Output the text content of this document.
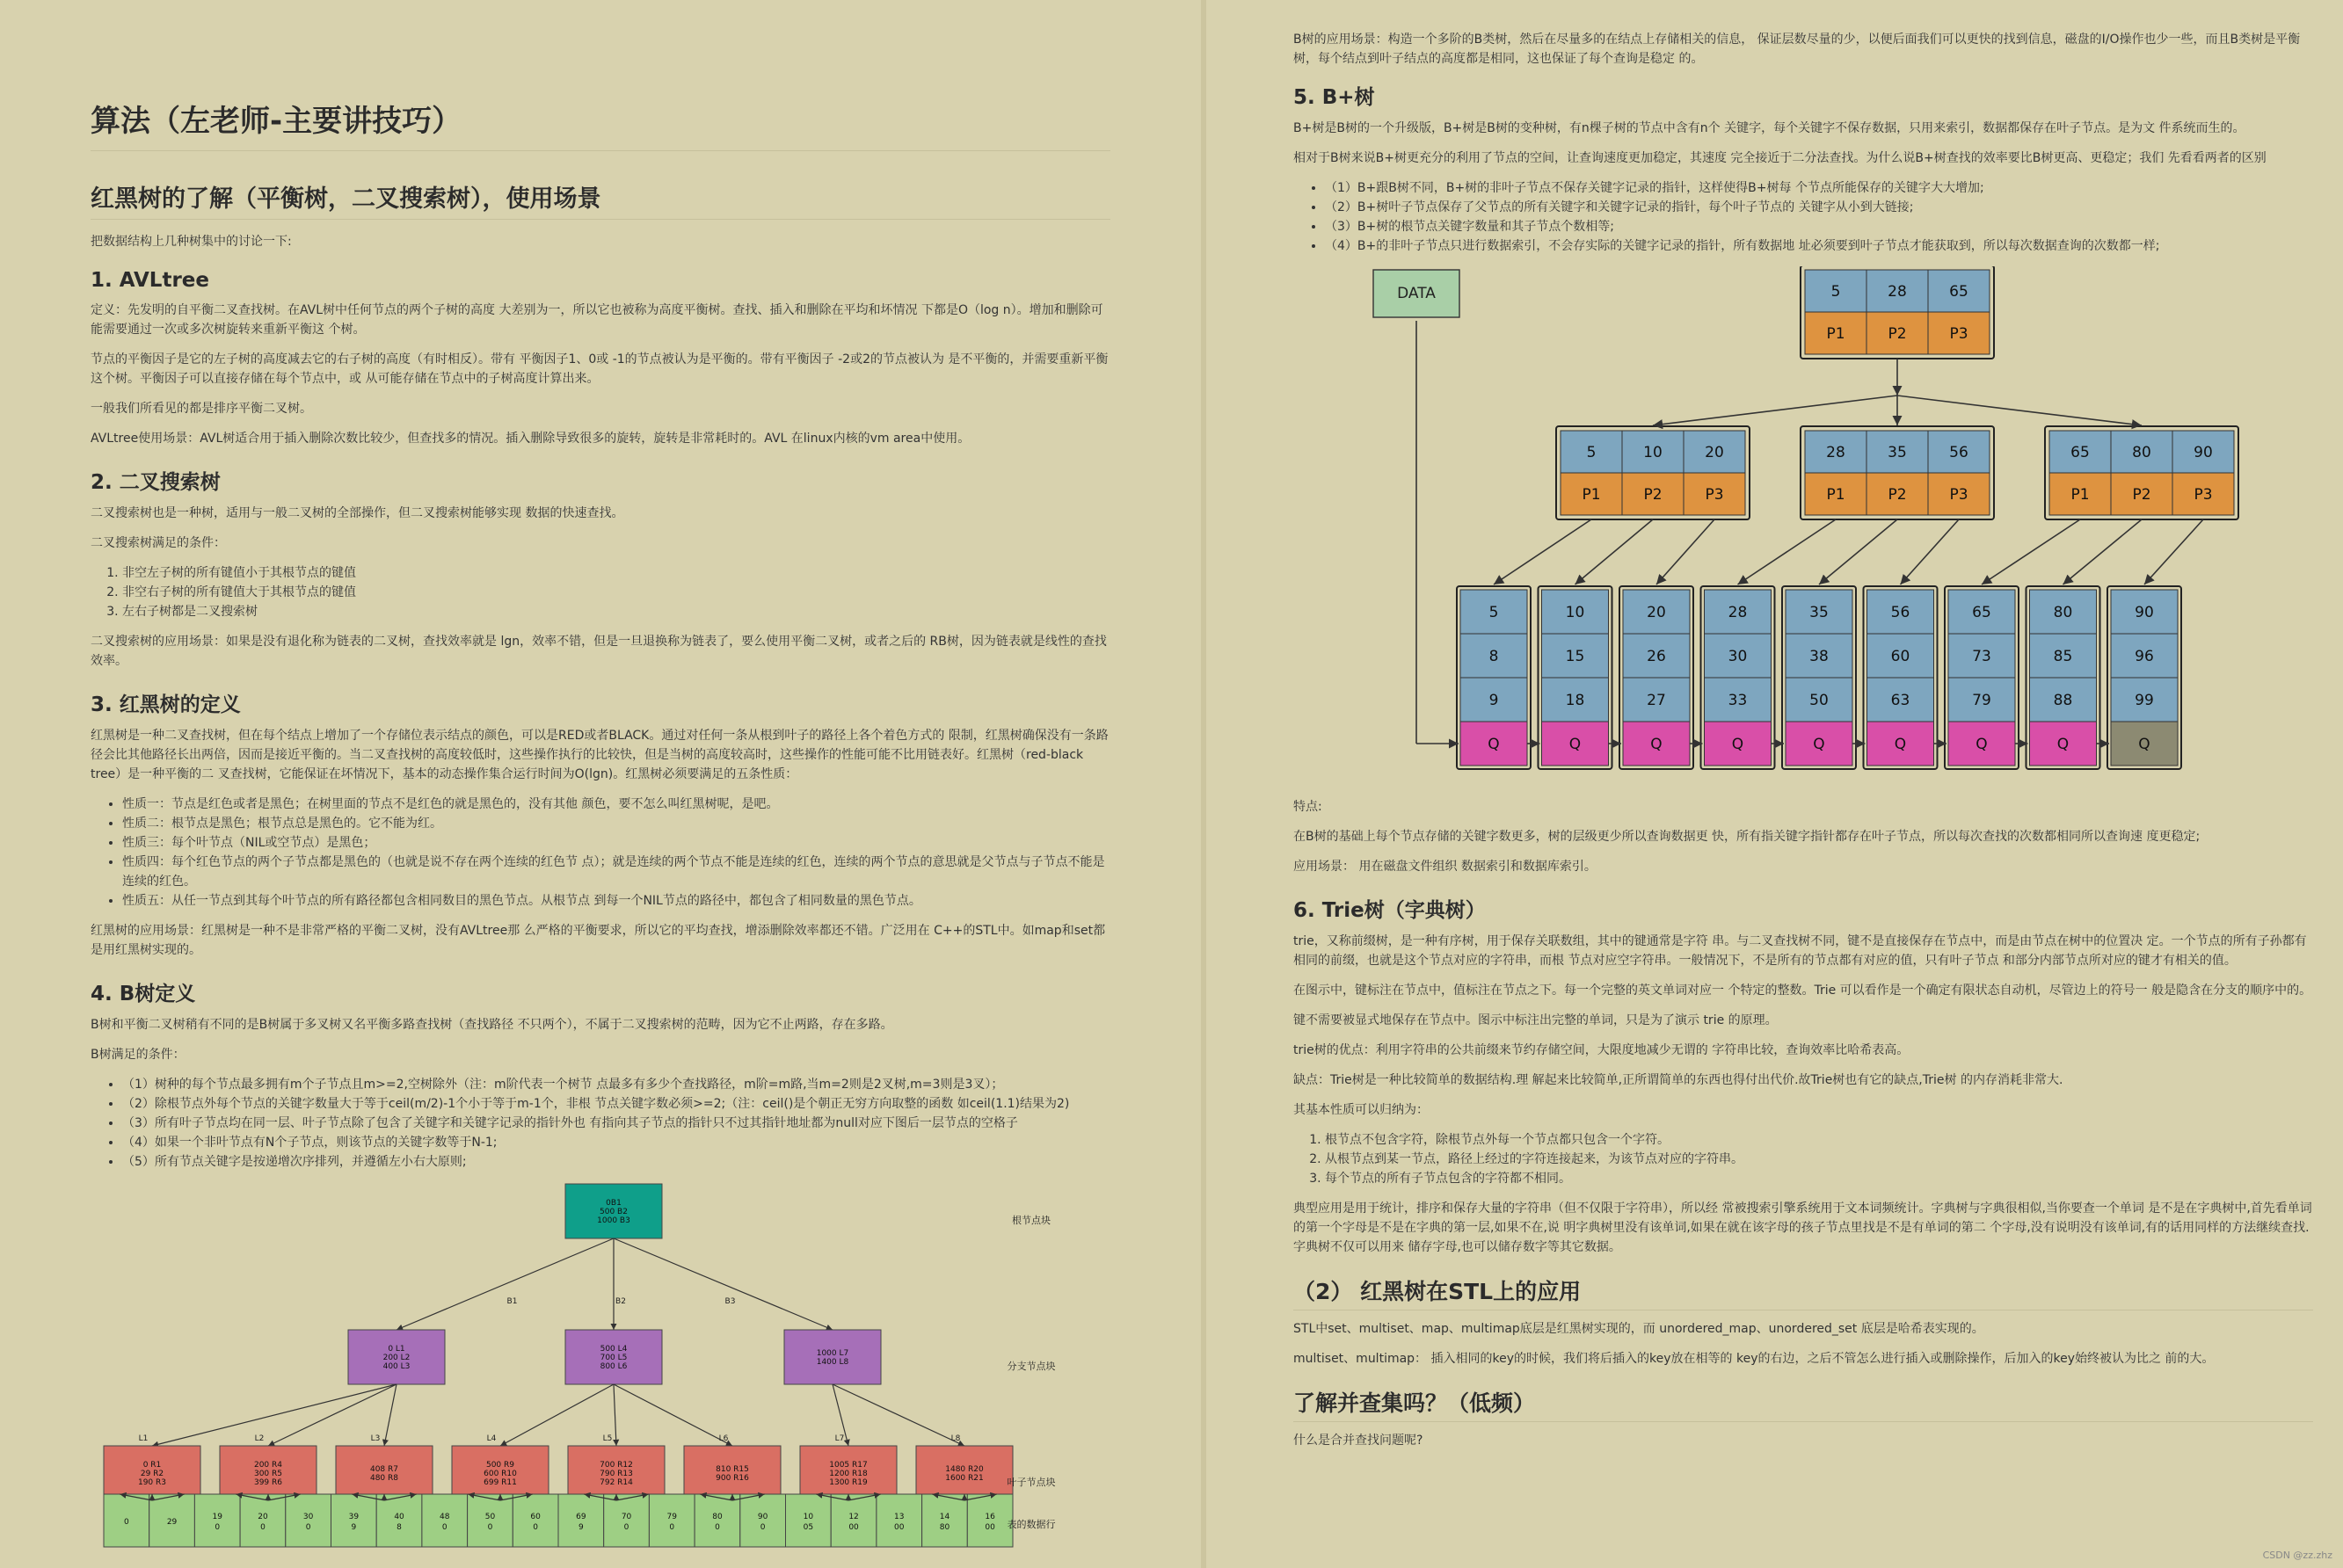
算法（左老师-主要讲技巧）
红黑树的了解（平衡树，二叉搜索树），使用场景

把数据结构上几种树集中的讨论一下:

1. AVLtree

定义：先发明的自平衡二叉查找树。在AVL树中任何节点的两个子树的高度 大差别为一，所以它也被称为高度平衡树。查找、插入和删除在平均和坏情况 下都是O（log n）。增加和删除可能需要通过一次或多次树旋转来重新平衡这 个树。

节点的平衡因子是它的左子树的高度减去它的右子树的高度（有时相反）。带有 平衡因子1、0或 -1的节点被认为是平衡的。带有平衡因子 -2或2的节点被认为 是不平衡的，并需要重新平衡这个树。平衡因子可以直接存储在每个节点中，或 从可能存储在节点中的子树高度计算出来。

一般我们所看见的都是排序平衡二叉树。

AVLtree使用场景：AVL树适合用于插入删除次数比较少，但查找多的情况。插入删除导致很多的旋转，旋转是非常耗时的。AVL 在linux内核的vm area中使用。

2. 二叉搜索树

二叉搜索树也是一种树，适用与一般二叉树的全部操作，但二叉搜索树能够实现 数据的快速查找。

二叉搜索树满足的条件：

1. 非空左子树的所有键值小于其根节点的键值
2. 非空右子树的所有键值大于其根节点的键值
3. 左右子树都是二叉搜索树

二叉搜索树的应用场景：如果是没有退化称为链表的二叉树，查找效率就是 lgn，效率不错，但是一旦退换称为链表了，要么使用平衡二叉树，或者之后的 RB树，因为链表就是线性的查找效率。

3. 红黑树的定义

红黑树是一种二叉查找树，但在每个结点上增加了一个存储位表示结点的颜色，可以是RED或者BLACK。通过对任何一条从根到叶子的路径上各个着色方式的 限制，红黑树确保没有一条路径会比其他路径长出两倍，因而是接近平衡的。当二叉查找树的高度较低时，这些操作执行的比较快，但是当树的高度较高时，这些操作的性能可能不比用链表好。红黑树（red-black tree）是一种平衡的二 叉查找树，它能保证在坏情况下，基本的动态操作集合运行时间为O(lgn)。红黑树必须要满足的五条性质：

• 性质一：节点是红色或者是黑色；在树里面的节点不是红色的就是黑色的，没有其他 颜色，要不怎么叫红黑树呢，是吧。
• 性质二：根节点是黑色；根节点总是黑色的。它不能为红。
• 性质三：每个叶节点（NIL或空节点）是黑色；
• 性质四：每个红色节点的两个子节点都是黑色的（也就是说不存在两个连续的红色节 点）；就是连续的两个节点不能是连续的红色，连续的两个节点的意思就是父节点与子节点不能是连续的红色。
• 性质五：从任一节点到其每个叶节点的所有路径都包含相同数目的黑色节点。从根节点 到每一个NIL节点的路径中，都包含了相同数量的黑色节点。

红黑树的应用场景：红黑树是一种不是非常严格的平衡二叉树，没有AVLtree那 么严格的平衡要求，所以它的平均查找，增添删除效率都还不错。广泛用在 C++的STL中。如map和set都是用红黑树实现的。

4. B树定义

B树和平衡二叉树稍有不同的是B树属于多叉树又名平衡多路查找树（查找路径 不只两个），不属于二叉搜索树的范畴，因为它不止两路，存在多路。

B树满足的条件：

• （1）树种的每个节点最多拥有m个子节点且m>=2,空树除外（注：m阶代表一个树节 点最多有多少个查找路径，m阶=m路,当m=2则是2叉树,m=3则是3叉）；
• （2）除根节点外每个节点的关键字数量大于等于ceil(m/2)-1个小于等于m-1个，非根 节点关键字数必须>=2;（注：ceil()是个朝正无穷方向取整的函数 如ceil(1.1)结果为2)
• （3）所有叶子节点均在同一层、叶子节点除了包含了关键字和关键字记录的指针外也 有指向其子节点的指针只不过其指针地址都为null对应下图后一层节点的空格子
• （4）如果一个非叶节点有N个子节点，则该节点的关键字数等于N-1;
• （5）所有节点关键字是按递增次序排列，并遵循左小右大原则;
0B1
500 B2
1000 B3	根节点块
B1
0 L1
200 L2
400 L3
B2
500 L4
700 L5
800 L6
B3
1000 L7
1400 L8	分支节点块
L1
0 R1
29 R2
190 R3
L2
200 R4
300 R5
399 R6
L3
408 R7
480 R8
L4
500 R9
600 R10
699 R11
L5
700 R12
790 R13
792 R14
L6
810 R15
900 R16
L7
1005 R17
1200 R18
1300 R19
L8
1480 R20
1600 R21 叶子节点块
0	29
19
0
20
0
30
0
39
9
40
8
48
0
50
0
60
0
69
9
70
0
79
0
80
0
90
0
10
05
12
00
13
00
14
80
16
00 表的数据行

B树的应用场景：构造一个多阶的B类树，然后在尽量多的在结点上存储相关的信息， 保证层数尽量的少，以便后面我们可以更快的找到信息，磁盘的I/O操作也少一些，而且B类树是平衡树，每个结点到叶子结点的高度都是相同，这也保证了每个查询是稳定 的。

5. B+树

B+树是B树的一个升级版，B+树是B树的变种树，有n棵子树的节点中含有n个 关键字，每个关键字不保存数据，只用来索引，数据都保存在叶子节点。是为文 件系统而生的。

相对于B树来说B+树更充分的利用了节点的空间，让查询速度更加稳定，其速度 完全接近于二分法查找。为什么说B+树查找的效率要比B树更高、更稳定；我们 先看看两者的区别

• （1）B+跟B树不同，B+树的非叶子节点不保存关键字记录的指针，这样使得B+树每 个节点所能保存的关键字大大增加;
• （2）B+树叶子节点保存了父节点的所有关键字和关键字记录的指针，每个叶子节点的 关键字从小到大链接;
• （3）B+树的根节点关键字数量和其子节点个数相等;
• （4）B+的非叶子节点只进行数据索引，不会存实际的关键字记录的指针，所有数据地 址必须要到叶子节点才能获取到，所以每次数据查询的次数都一样;
DATA	5
P1
28
P2
65
P3
5
P1
10
P2
20
P3
28
P1
35
P2
56
P3
65
P1
80
P2
90
P3
5
8
9
Q
10
15
18
Q
20
26
27
Q
28
30
33
Q
35
38
50
Q
56
60
63
Q
65
73
79
Q
80
85
88
Q
90
96
99
Q

特点:

在B树的基础上每个节点存储的关键字数更多，树的层级更少所以查询数据更 快，所有指关键字指针都存在叶子节点，所以每次查找的次数都相同所以查询速 度更稳定;

应用场景： 用在磁盘文件组织 数据索引和数据库索引。

6. Trie树（字典树）

trie，又称前缀树，是一种有序树，用于保存关联数组，其中的键通常是字符 串。与二叉查找树不同，键不是直接保存在节点中，而是由节点在树中的位置决 定。一个节点的所有子孙都有相同的前缀，也就是这个节点对应的字符串，而根 节点对应空字符串。一般情况下，不是所有的节点都有对应的值，只有叶子节点 和部分内部节点所对应的键才有相关的值。

在图示中，键标注在节点中，值标注在节点之下。每一个完整的英文单词对应一 个特定的整数。Trie 可以看作是一个确定有限状态自动机，尽管边上的符号一 般是隐含在分支的顺序中的。

键不需要被显式地保存在节点中。图示中标注出完整的单词，只是为了演示 trie 的原理。

trie树的优点：利用字符串的公共前缀来节约存储空间，大限度地减少无谓的 字符串比较，查询效率比哈希表高。

缺点：Trie树是一种比较简单的数据结构.理 解起来比较简单,正所谓简单的东西也得付出代价.故Trie树也有它的缺点,Trie树 的内存消耗非常大.

其基本性质可以归纳为：

1. 根节点不包含字符，除根节点外每一个节点都只包含一个字符。
2. 从根节点到某一节点，路径上经过的字符连接起来，为该节点对应的字符串。
3. 每个节点的所有子节点包含的字符都不相同。

典型应用是用于统计，排序和保存大量的字符串（但不仅限于字符串），所以经 常被搜索引擎系统用于文本词频统计。字典树与字典很相似,当你要查一个单词 是不是在字典树中,首先看单词的第一个字母是不是在字典的第一层,如果不在,说 明字典树里没有该单词,如果在就在该字母的孩子节点里找是不是有单词的第二 个字母,没有说明没有该单词,有的话用同样的方法继续查找.字典树不仅可以用来 储存字母,也可以储存数字等其它数据。

（2） 红黑树在STL上的应用

STL中set、multiset、map、multimap底层是红黑树实现的，而 unordered_map、unordered_set 底层是哈希表实现的。

multiset、multimap： 插入相同的key的时候，我们将后插入的key放在相等的 key的右边，之后不管怎么进行插入或删除操作，后加入的key始终被认为比之 前的大。

了解并查集吗？（低频）

什么是合并查找问题呢?

CSDN @zz.zhz
